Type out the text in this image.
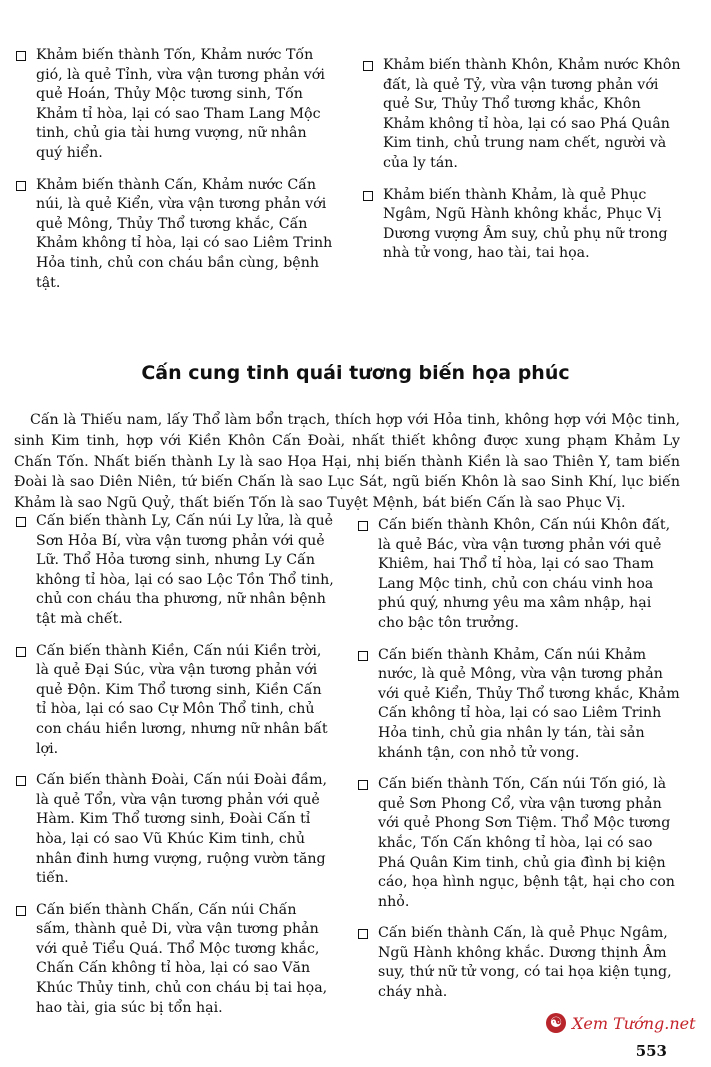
Khảm biến thành Tốn, Khảm nước Tốn gió, là quẻ Tỉnh, vừa vận tương phản với quẻ Hoán, Thủy Mộc tương sinh, Tốn Khảm tỉ hòa, lại có sao Tham Lang Mộc tinh, chủ gia tài hưng vượng, nữ nhân quý hiển.
Khảm biến thành Cấn, Khảm nước Cấn núi, là quẻ Kiển, vừa vận tương phản với quẻ Mông, Thủy Thổ tương khắc, Cấn Khảm không tỉ hòa, lại có sao Liêm Trinh Hỏa tinh, chủ con cháu bần cùng, bệnh tật.
Khảm biến thành Khôn, Khảm nước Khôn đất, là quẻ Tỷ, vừa vận tương phản với quẻ Sư, Thủy Thổ tương khắc, Khôn Khảm không tỉ hòa, lại có sao Phá Quân Kim tinh, chủ trung nam chết, người và của ly tán.
Khảm biến thành Khảm, là quẻ Phục Ngâm, Ngũ Hành không khắc, Phục Vị Dương vượng Âm suy, chủ phụ nữ trong nhà tử vong, hao tài, tai họa.
Cấn cung tinh quái tương biến họa phúc
Cấn là Thiếu nam, lấy Thổ làm bổn trạch, thích hợp với Hỏa tinh, không hợp với Mộc tinh, sinh Kim tinh, hợp với Kiền Khôn Cấn Đoài, nhất thiết không được xung phạm Khảm Ly Chấn Tốn. Nhất biến thành Ly là sao Họa Hại, nhị biến thành Kiền là sao Thiên Y, tam biến Đoài là sao Diên Niên, tứ biến Chấn là sao Lục Sát, ngũ biến Khôn là sao Sinh Khí, lục biến Khảm là sao Ngũ Quỷ, thất biến Tốn là sao Tuyệt Mệnh, bát biến Cấn là sao Phục Vị.
Cấn biến thành Ly, Cấn núi Ly lửa, là quẻ Sơn Hỏa Bí, vừa vận tương phản với quẻ Lữ. Thổ Hỏa tương sinh, nhưng Ly Cấn không tỉ hòa, lại có sao Lộc Tồn Thổ tinh, chủ con cháu tha phương, nữ nhân bệnh tật mà chết.
Cấn biến thành Kiền, Cấn núi Kiền trời, là quẻ Đại Súc, vừa vận tương phản với quẻ Độn. Kim Thổ tương sinh, Kiền Cấn tỉ hòa, lại có sao Cự Môn Thổ tinh, chủ con cháu hiền lương, nhưng nữ nhân bất lợi.
Cấn biến thành Đoài, Cấn núi Đoài đầm, là quẻ Tổn, vừa vận tương phản với quẻ Hàm. Kim Thổ tương sinh, Đoài Cấn tỉ hòa, lại có sao Vũ Khúc Kim tinh, chủ nhân đinh hưng vượng, ruộng vườn tăng tiến.
Cấn biến thành Chấn, Cấn núi Chấn sấm, thành quẻ Di, vừa vận tương phản với quẻ Tiểu Quá. Thổ Mộc tương khắc, Chấn Cấn không tỉ hòa, lại có sao Văn Khúc Thủy tinh, chủ con cháu bị tai họa, hao tài, gia súc bị tổn hại.
Cấn biến thành Khôn, Cấn núi Khôn đất, là quẻ Bác, vừa vận tương phản với quẻ Khiêm, hai Thổ tỉ hòa, lại có sao Tham Lang Mộc tinh, chủ con cháu vinh hoa phú quý, nhưng yêu ma xâm nhập, hại cho bậc tôn trưởng.
Cấn biến thành Khảm, Cấn núi Khảm nước, là quẻ Mông, vừa vận tương phản với quẻ Kiển, Thủy Thổ tương khắc, Khảm Cấn không tỉ hòa, lại có sao Liêm Trinh Hỏa tinh, chủ gia nhân ly tán, tài sản khánh tận, con nhỏ tử vong.
Cấn biến thành Tốn, Cấn núi Tốn gió, là quẻ Sơn Phong Cổ, vừa vận tương phản với quẻ Phong Sơn Tiệm. Thổ Mộc tương khắc, Tốn Cấn không tỉ hòa, lại có sao Phá Quân Kim tinh, chủ gia đình bị kiện cáo, họa hình ngục, bệnh tật, hại cho con nhỏ.
Cấn biến thành Cấn, là quẻ Phục Ngâm, Ngũ Hành không khắc. Dương thịnh Âm suy, thứ nữ tử vong, có tai họa kiện tụng, cháy nhà.
☯ Xem Tướng.net
553
